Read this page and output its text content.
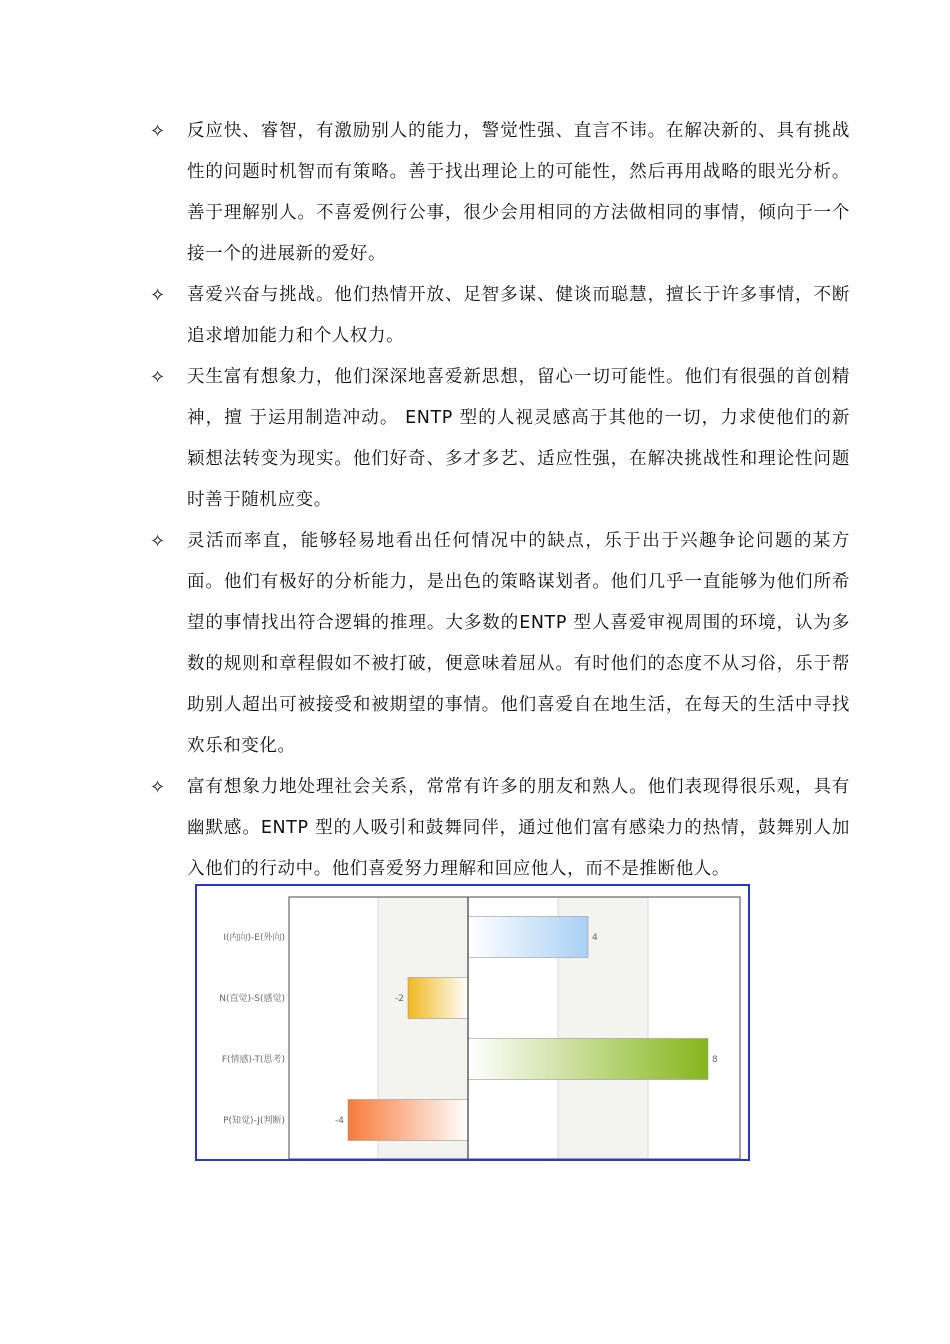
✧ 反应快、睿智，有激励别人的能力，警觉性强、直言不讳。在解决新的、具有挑战性的问题时机智而有策略。善于找出理论上的可能性，然后再用战略的眼光分析。善于理解别人。不喜爱例行公事，很少会用相同的方法做相同的事情，倾向于一个接一个的进展新的爱好。
✧ 喜爱兴奋与挑战。他们热情开放、足智多谋、健谈而聪慧，擅长于许多事情，不断追求增加能力和个人权力。
✧ 天生富有想象力，他们深深地喜爱新思想，留心一切可能性。他们有很强的首创精神，擅 于运用制造冲动。 ENTP 型的人视灵感高于其他的一切，力求使他们的新颖想法转变为现实。他们好奇、多才多艺、适应性强，在解决挑战性和理论性问题时善于随机应变。
✧ 灵活而率直，能够轻易地看出任何情况中的缺点，乐于出于兴趣争论问题的某方面。他们有极好的分析能力，是出色的策略谋划者。他们几乎一直能够为他们所希望的事情找出符合逻辑的推理。大多数的ENTP 型人喜爱审视周围的环境，认为多数的规则和章程假如不被打破，便意味着屈从。有时他们的态度不从习俗，乐于帮助别人超出可被接受和被期望的事情。他们喜爱自在地生活，在每天的生活中寻找欢乐和变化。
✧ 富有想象力地处理社会关系，常常有许多的朋友和熟人。他们表现得很乐观，具有幽默感。ENTP 型的人吸引和鼓舞同伴，通过他们富有感染力的热情，鼓舞别人加入他们的行动中。他们喜爱努力理解和回应他人，而不是推断他人。
4
I(内向)-E(外向)
-2
N(直觉)-S(感觉)
8
F(情感)-T(思考)
-4
P(知觉)-J(判断)
